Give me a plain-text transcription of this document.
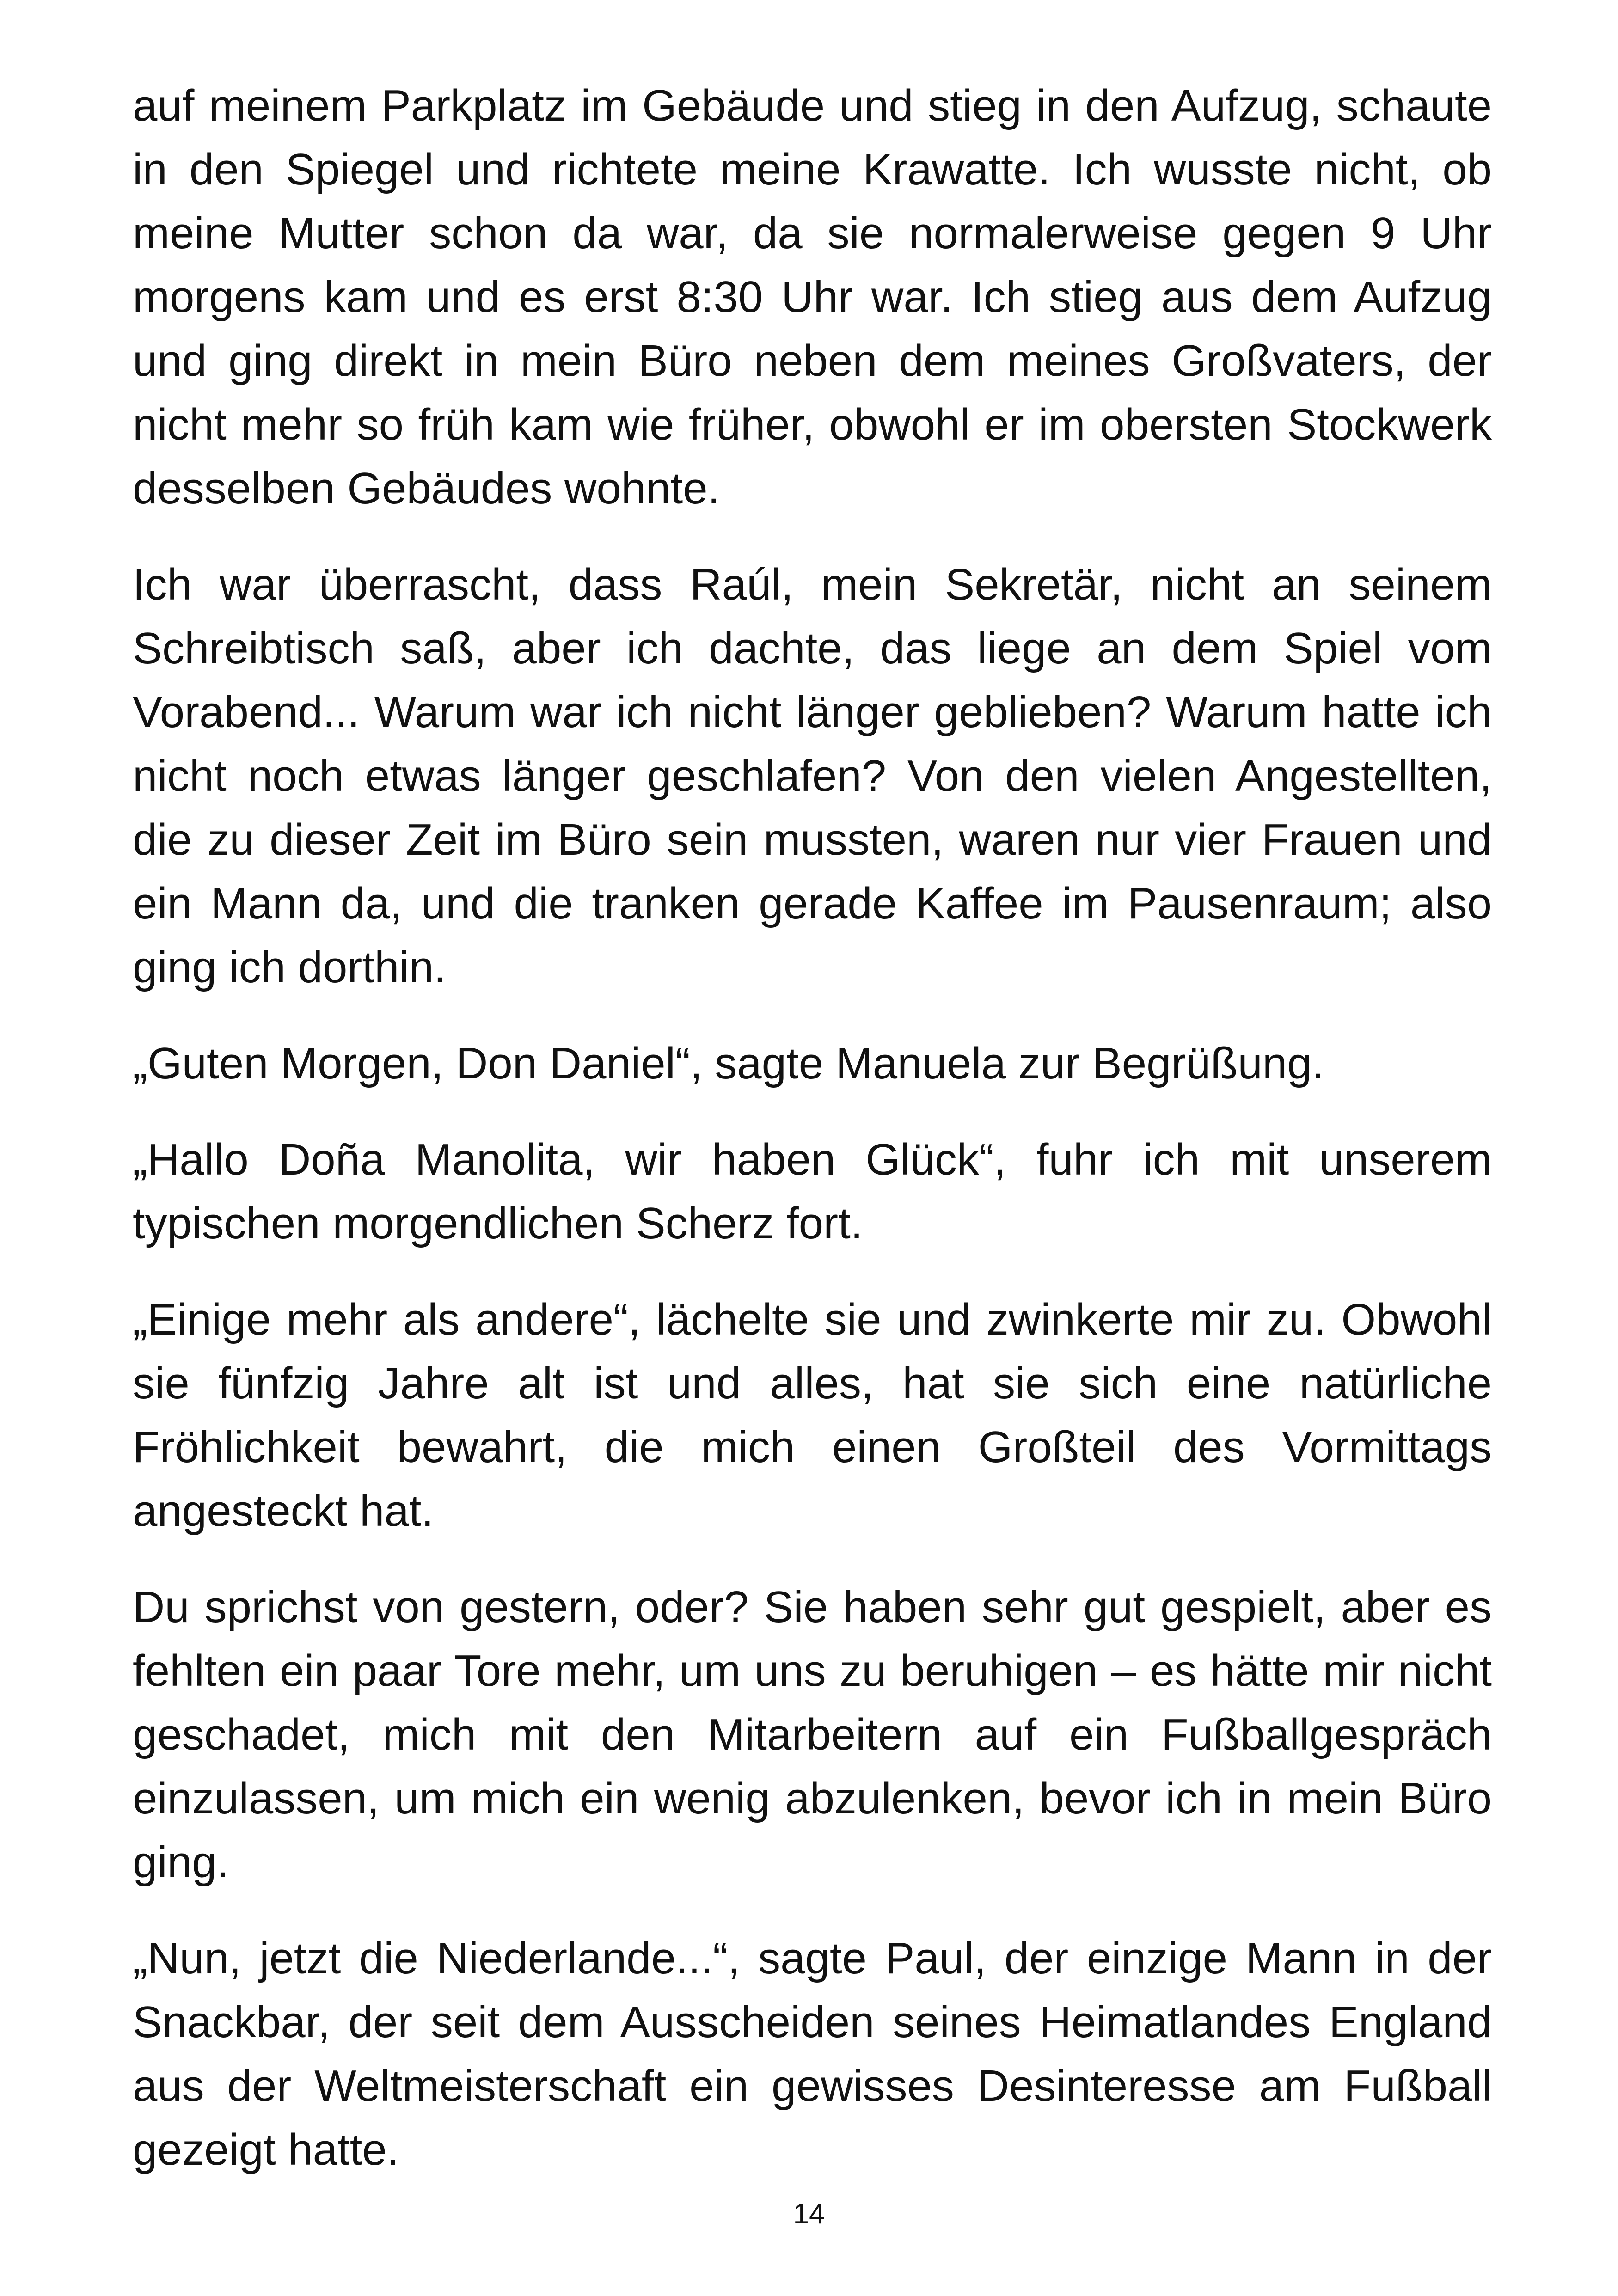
auf meinem Parkplatz im Gebäude und stieg in den Aufzug, schaute in den Spiegel und richtete meine Krawatte. Ich wusste nicht, ob meine Mutter schon da war, da sie normalerweise gegen 9 Uhr morgens kam und es erst 8:30 Uhr war. Ich stieg aus dem Aufzug und ging direkt in mein Büro neben dem meines Großvaters, der nicht mehr so früh kam wie früher, obwohl er im obersten Stockwerk desselben Gebäudes wohnte.

Ich war überrascht, dass Raúl, mein Sekretär, nicht an seinem Schreibtisch saß, aber ich dachte, das liege an dem Spiel vom Vorabend... Warum war ich nicht länger geblieben? Warum hatte ich nicht noch etwas länger geschlafen? Von den vielen Angestellten, die zu dieser Zeit im Büro sein mussten, waren nur vier Frauen und ein Mann da, und die tranken gerade Kaffee im Pausenraum; also ging ich dorthin.

„Guten Morgen, Don Daniel“, sagte Manuela zur Begrüßung.

„Hallo Doña Manolita, wir haben Glück“, fuhr ich mit unserem typischen morgendlichen Scherz fort.

„Einige mehr als andere“, lächelte sie und zwinkerte mir zu. Obwohl sie fünfzig Jahre alt ist und alles, hat sie sich eine natürliche Fröhlichkeit bewahrt, die mich einen Großteil des Vormittags angesteckt hat.

Du sprichst von gestern, oder? Sie haben sehr gut gespielt, aber es fehlten ein paar Tore mehr, um uns zu beruhigen – es hätte mir nicht geschadet, mich mit den Mitarbeitern auf ein Fußballgespräch einzulassen, um mich ein wenig abzulenken, bevor ich in mein Büro ging.

„Nun, jetzt die Niederlande...“, sagte Paul, der einzige Mann in der Snackbar, der seit dem Ausscheiden seines Heimatlandes England aus der Weltmeisterschaft ein gewisses Desinteresse am Fußball gezeigt hatte.

14
